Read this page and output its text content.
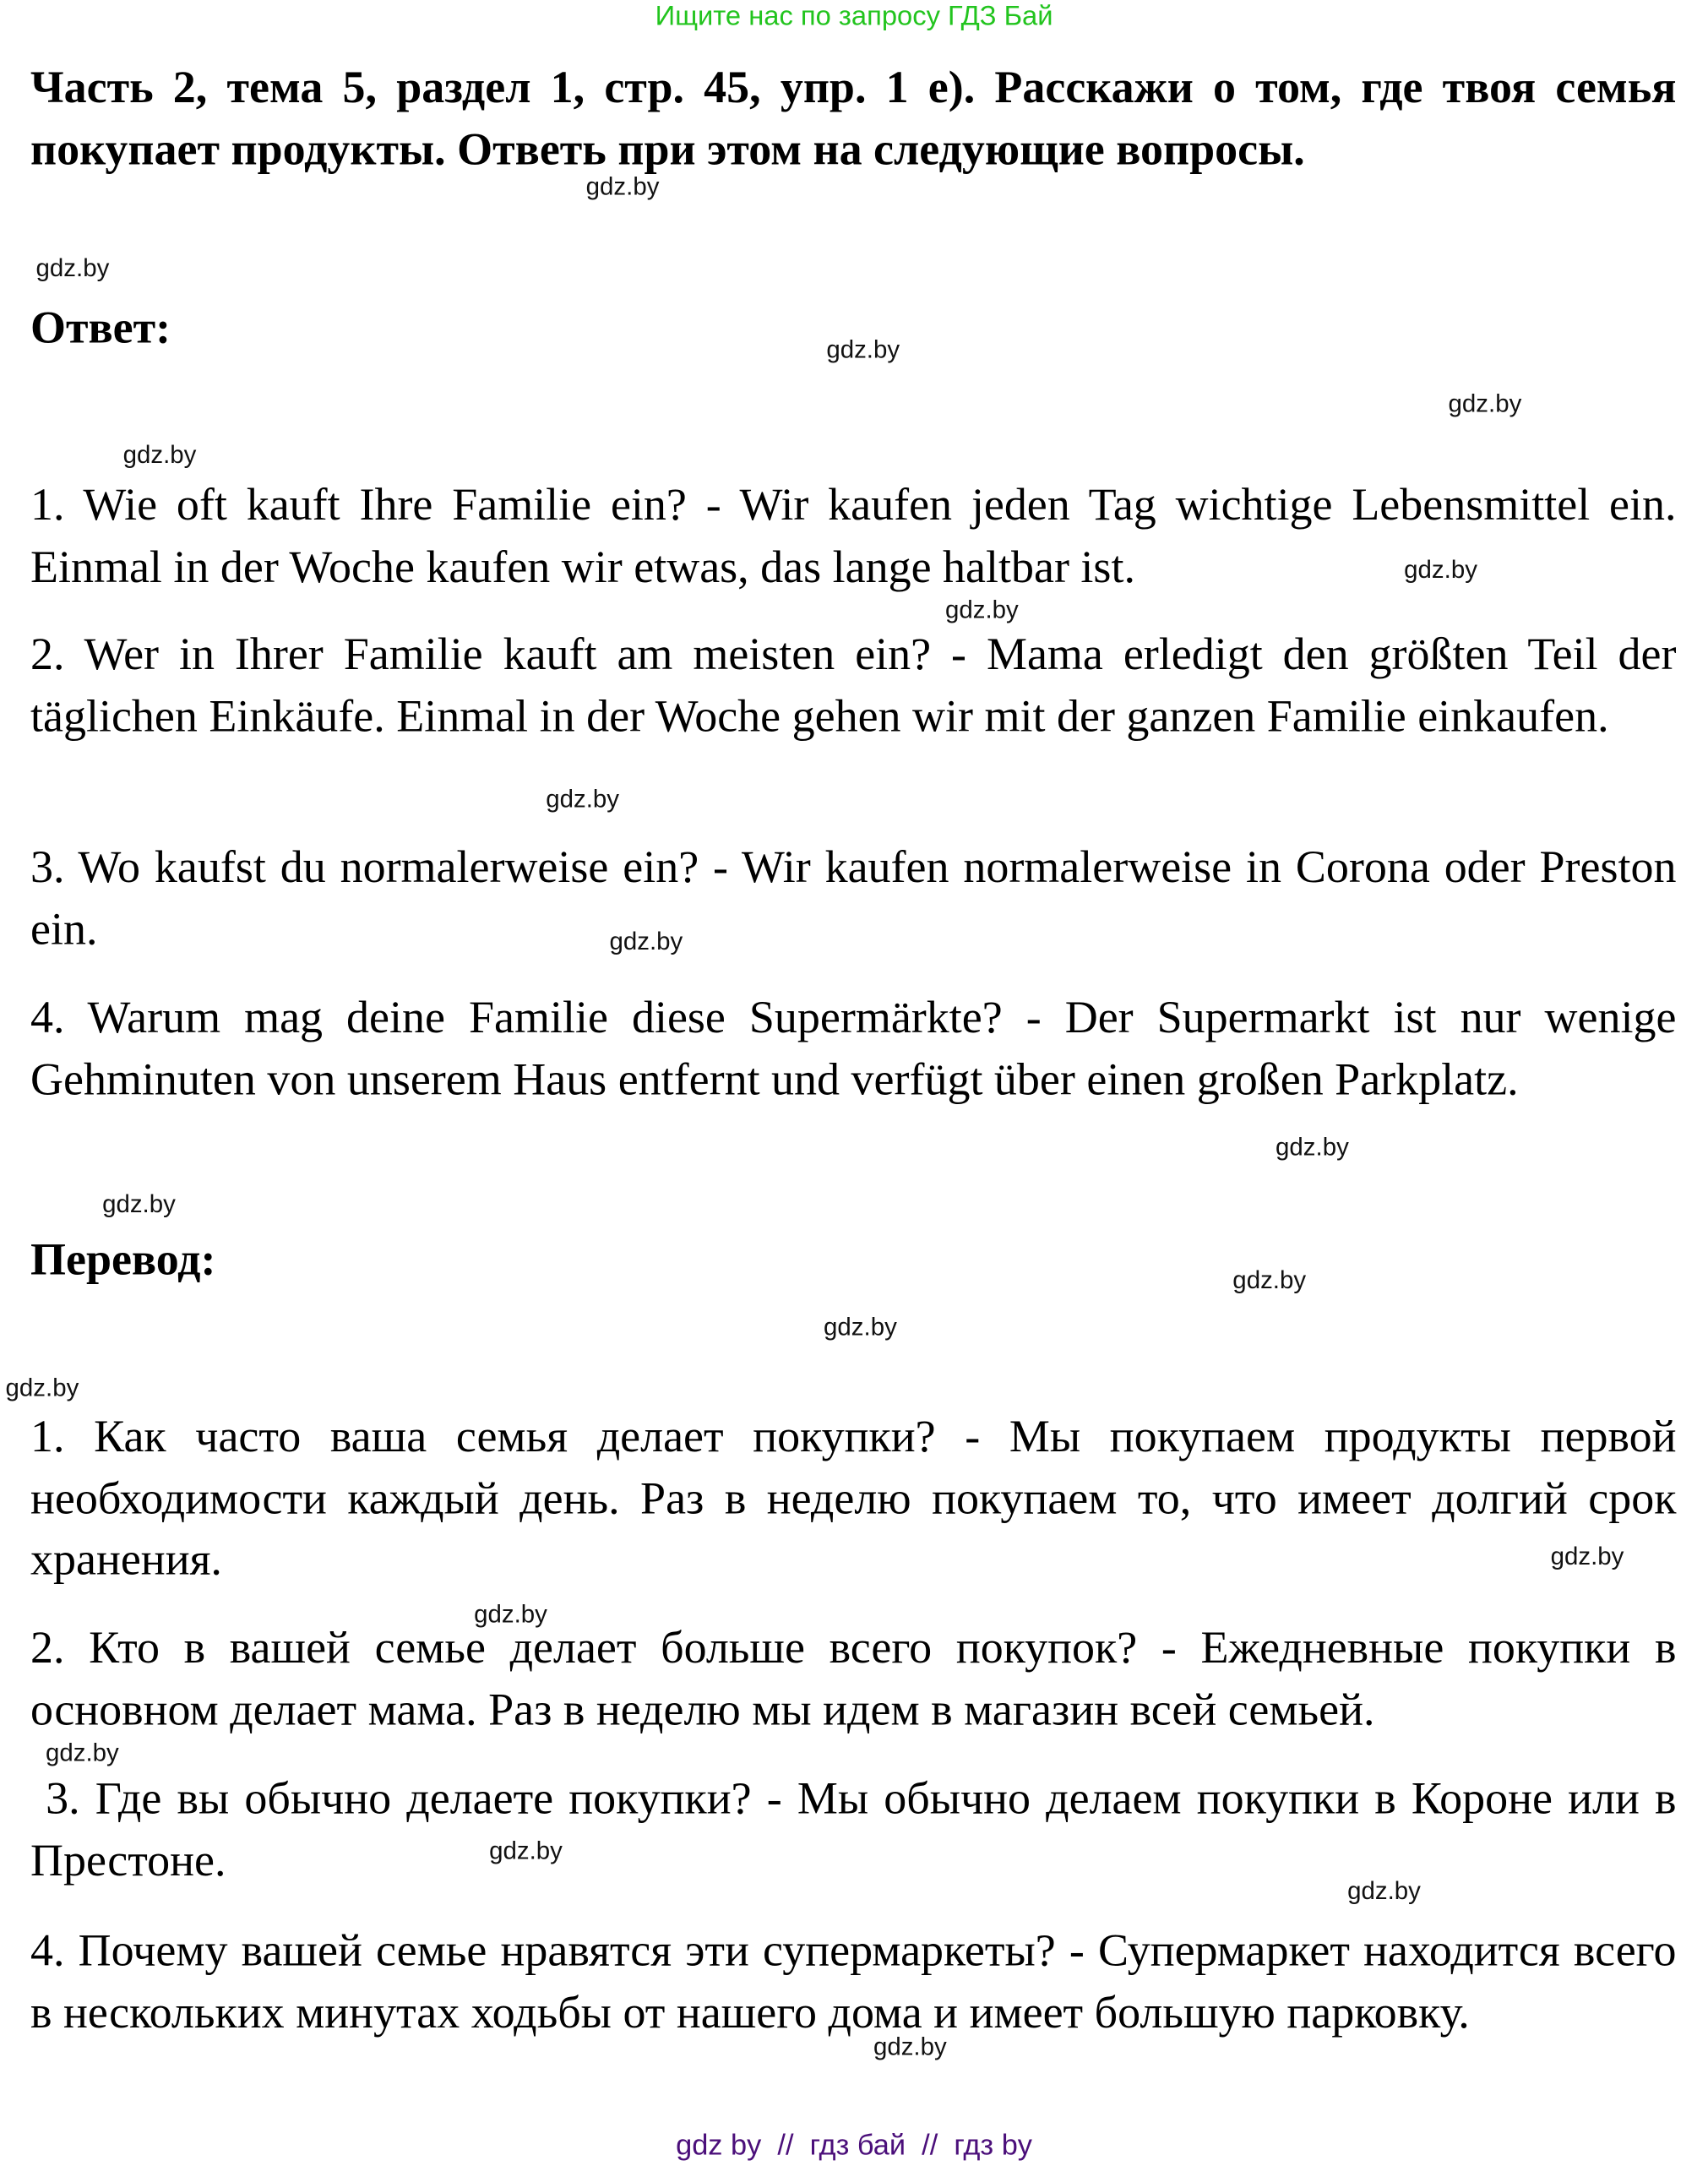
Ищите нас по запросу ГДЗ Бай
Часть 2, тема 5, раздел 1, стр. 45, упр. 1 е). Расскажи о том, где твоя семья покупает продукты. Ответь при этом на следующие вопросы.
Ответ:
1. Wie oft kauft Ihre Familie ein? - Wir kaufen jeden Tag wichtige Lebensmittel ein. Einmal in der Woche kaufen wir etwas, das lange haltbar ist.
2. Wer in Ihrer Familie kauft am meisten ein? - Mama erledigt den größten Teil der täglichen Einkäufe. Einmal in der Woche gehen wir mit der ganzen Familie einkaufen.
3. Wo kaufst du normalerweise ein? - Wir kaufen normalerweise in Corona oder Preston ein.
4. Warum mag deine Familie diese Supermärkte? - Der Supermarkt ist nur wenige Gehminuten von unserem Haus entfernt und verfügt über einen großen Parkplatz.
Перевод:
1. Как часто ваша семья делает покупки? - Мы покупаем продукты первой необходимости каждый день. Раз в неделю покупаем то, что имеет долгий срок хранения.
2. Кто в вашей семье делает больше всего покупок? - Ежедневные покупки в основном делает мама. Раз в неделю мы идем в магазин всей семьей.
3. Где вы обычно делаете покупки? - Мы обычно делаем покупки в Короне или в Престоне.
4. Почему вашей семье нравятся эти супермаркеты? - Супермаркет находится всего в нескольких минутах ходьбы от нашего дома и имеет большую парковку.
gdz.by
gdz.by
gdz.by
gdz.by
gdz.by
gdz.by
gdz.by
gdz.by
gdz.by
gdz.by
gdz.by
gdz.by
gdz.by
gdz.by
gdz.by
gdz.by
gdz.by
gdz.by
gdz.by
gdz.by
gdz by  //  гдз бай  //  гдз by
